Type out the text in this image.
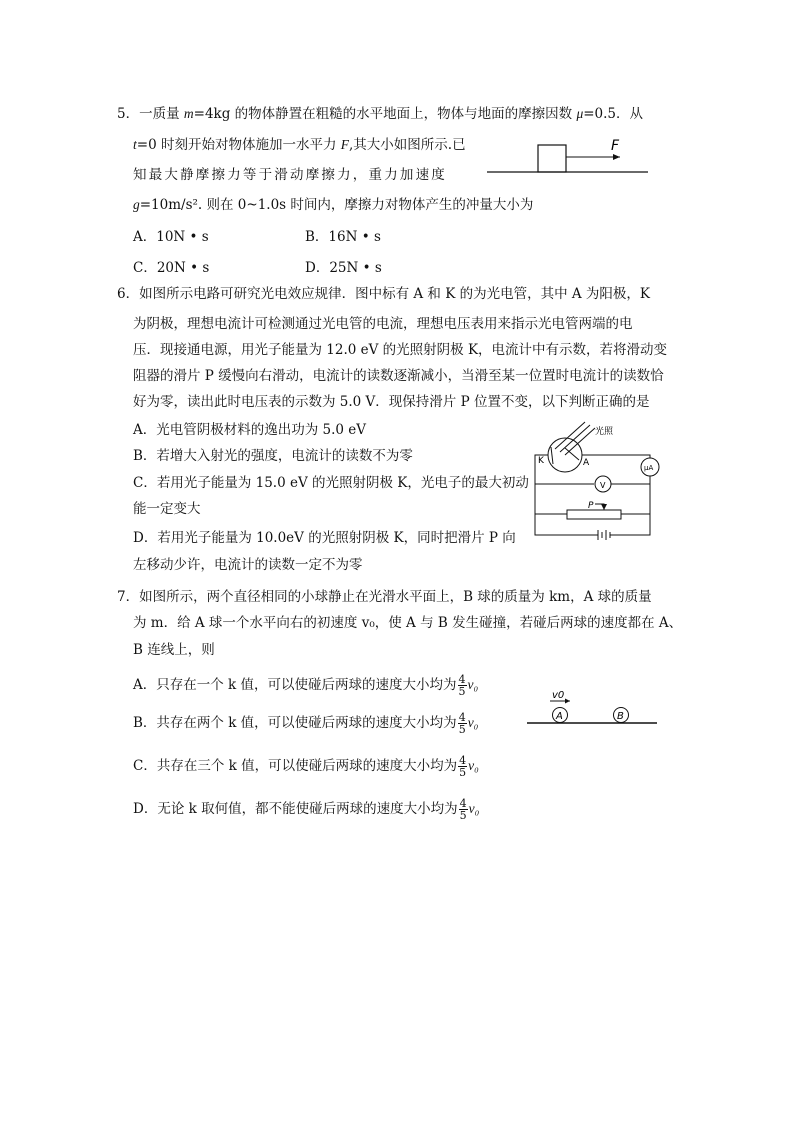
5．一质量 m=4kg 的物体静置在粗糙的水平地面上，物体与地面的摩擦因数 μ=0.5．从
t=0 时刻开始对物体施加一水平力 F,其大小如图所示.已
知最大静摩擦力等于滑动摩擦力，重力加速度
g=10m/s². 则在 0~1.0s 时间内，摩擦力对物体产生的冲量大小为
A．10N • s	B．16N • s
C．20N • s	D．25N • s
F
6．如图所示电路可研究光电效应规律．图中标有 A 和 K 的为光电管，其中 A 为阳极，K
为阴极，理想电流计可检测通过光电管的电流，理想电压表用来指示光电管两端的电
压．现接通电源，用光子能量为 12.0 eV 的光照射阴极 K，电流计中有示数，若将滑动变
阻器的滑片 P 缓慢向右滑动，电流计的读数逐渐减小，当滑至某一位置时电流计的读数恰
好为零，读出此时电压表的示数为 5.0 V．现保持滑片 P 位置不变，以下判断正确的是
A．光电管阴极材料的逸出功为 5.0 eV
B．若增大入射光的强度，电流计的读数不为零
C．若用光子能量为 15.0 eV 的光照射阴极 K，光电子的最大初动
能一定变大
D．若用光子能量为 10.0eV 的光照射阴极 K，同时把滑片 P 向
左移动少许，电流计的读数一定不为零
光照
K	A	μA
V
P
7．如图所示，两个直径相同的小球静止在光滑水平面上，B 球的质量为 km，A 球的质量
为 m．给 A 球一个水平向右的初速度 v₀，使 A 与 B 发生碰撞，若碰后两球的速度都在 A、
B 连线上，则
A．只存在一个 k 值，可以使碰后两球的速度大小均为 $\frac{4}{5} v_0$
B．共存在两个 k 值，可以使碰后两球的速度大小均为 $\frac{4}{5} v_0$
C．共存在三个 k 值，可以使碰后两球的速度大小均为 $\frac{4}{5} v_0$
D．无论 k 取何值，都不能使碰后两球的速度大小均为 $\frac{4}{5} v_0$
A	B
v0
